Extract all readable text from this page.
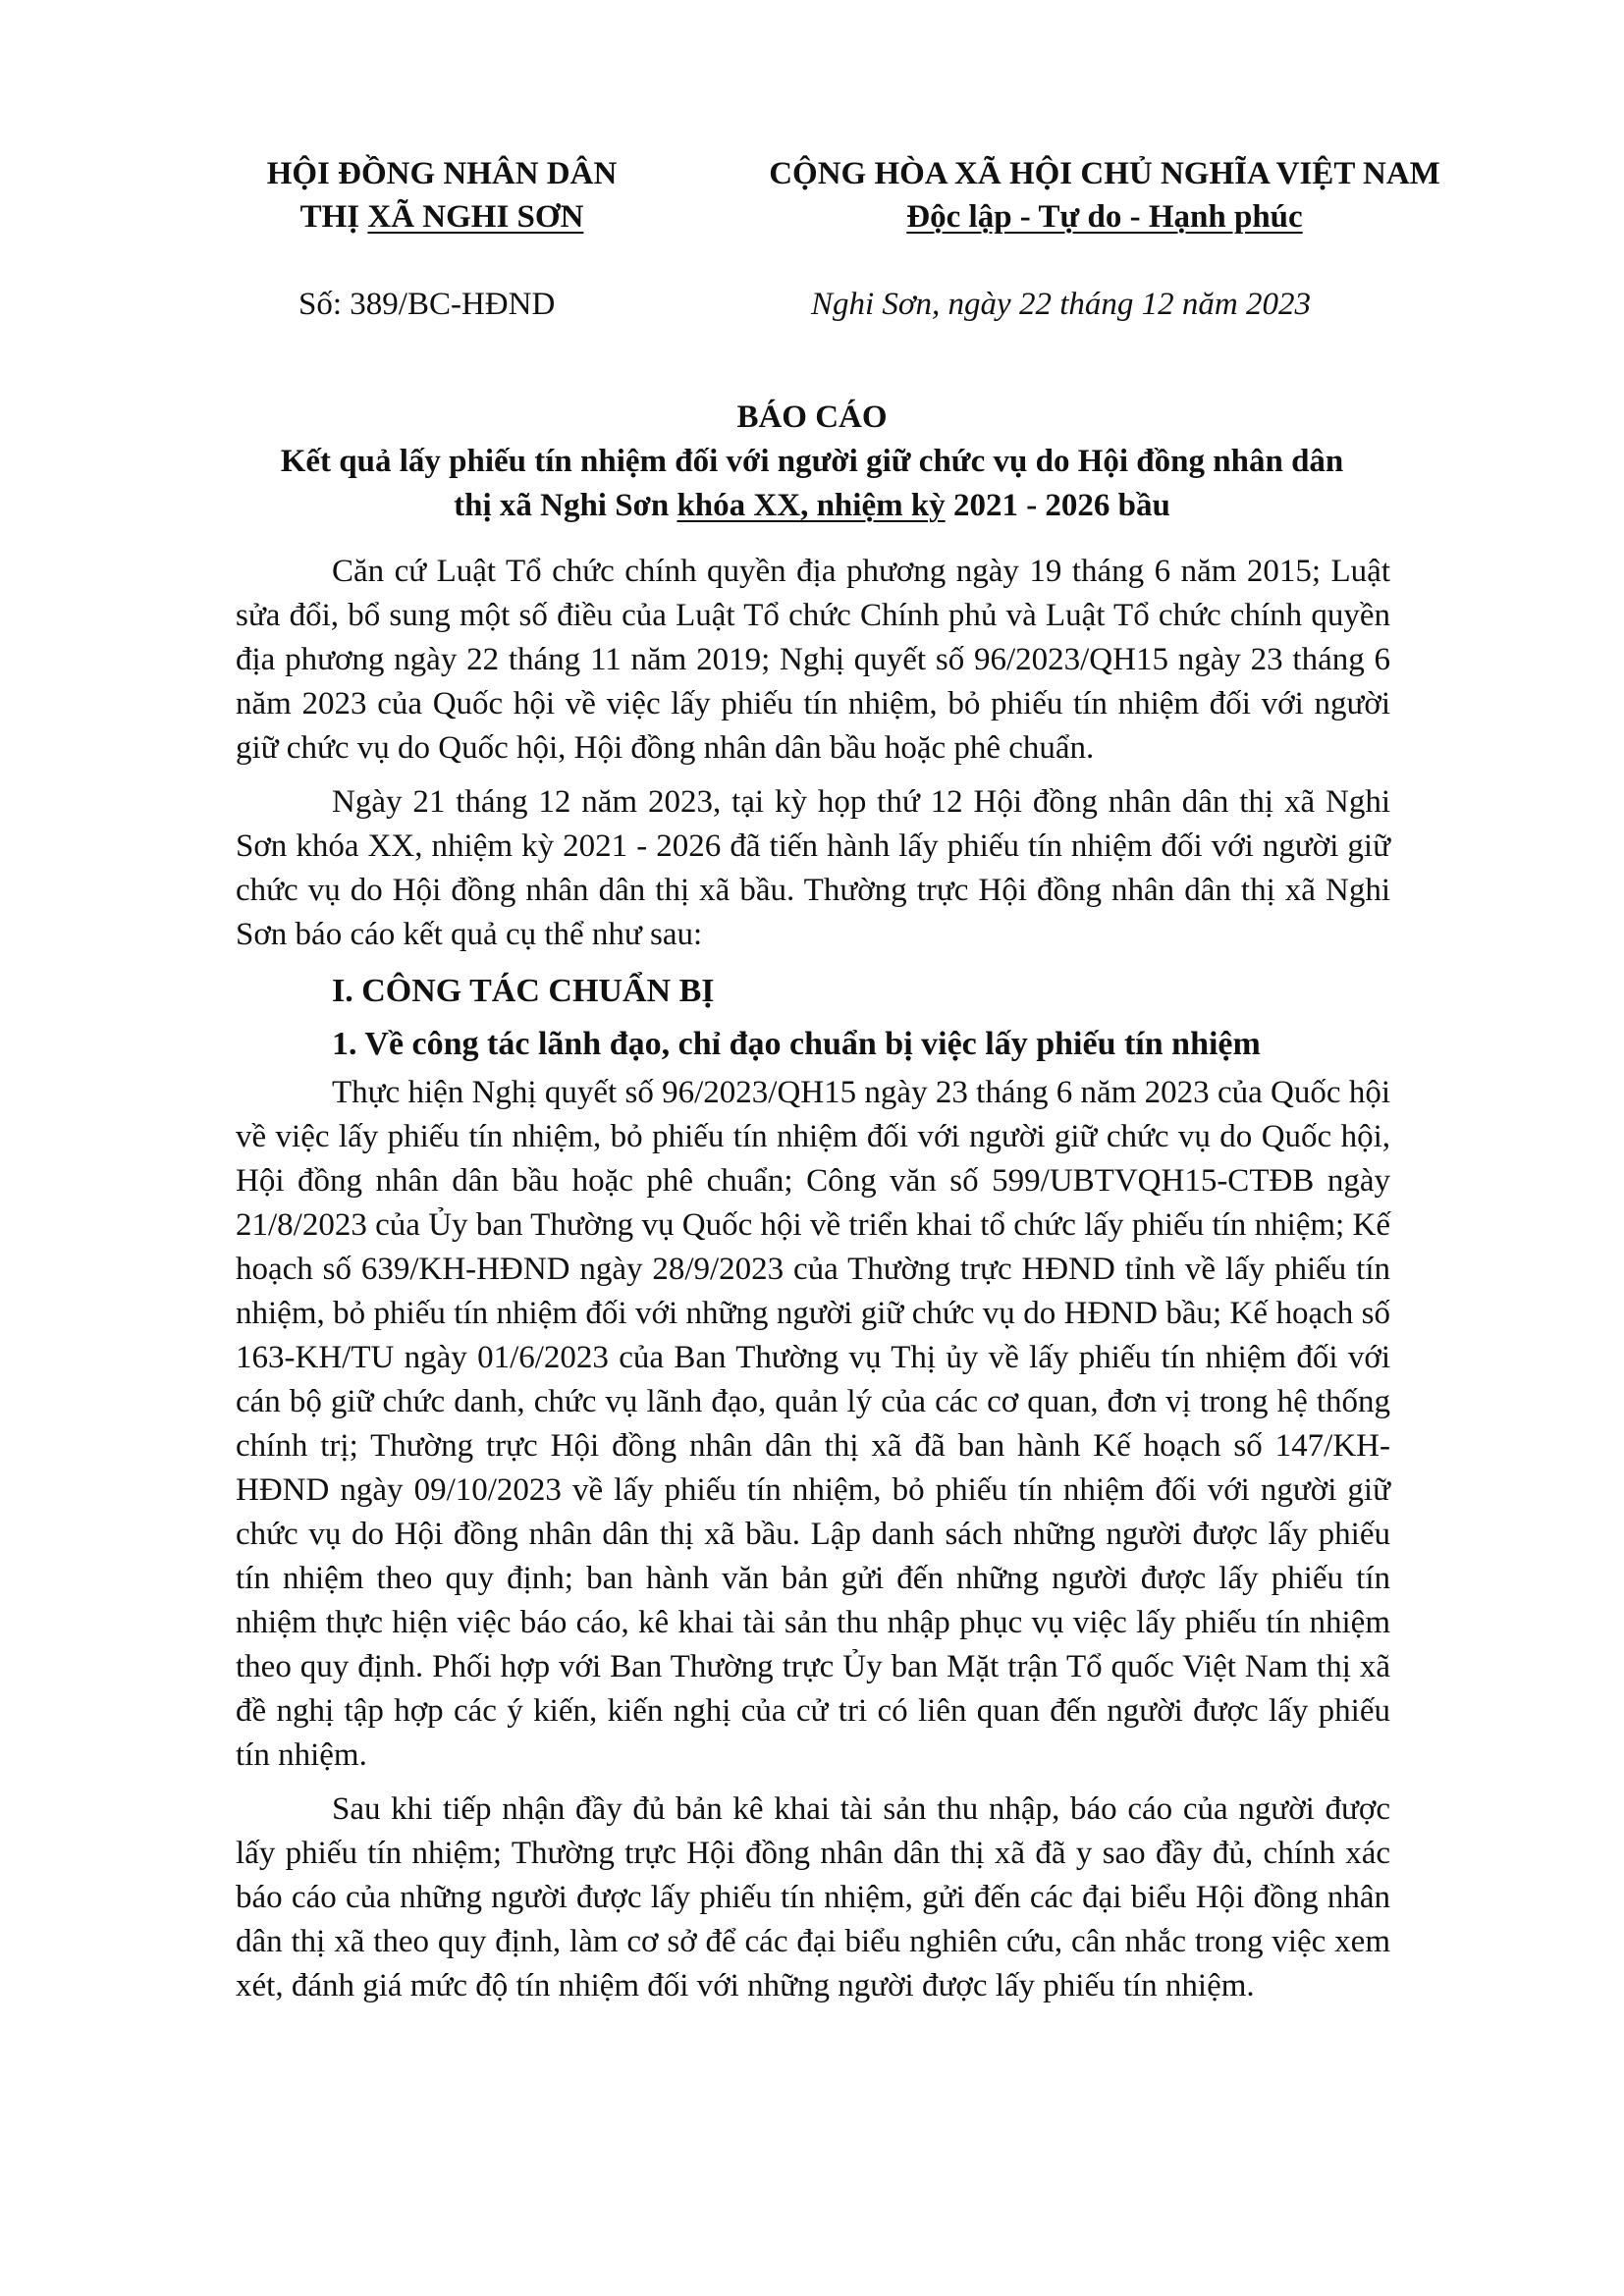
HỘI ĐỒNG NHÂN DÂN
THỊ XÃ NGHI SƠN
CỘNG HÒA XÃ HỘI CHỦ NGHĨA VIỆT NAM
Độc lập - Tự do - Hạnh phúc
Số: 389/BC-HĐND	Nghi Sơn, ngày 22 tháng 12 năm 2023
BÁO CÁO
Kết quả lấy phiếu tín nhiệm đối với người giữ chức vụ do Hội đồng nhân dân
thị xã Nghi Sơn khóa XX, nhiệm kỳ 2021 - 2026 bầu

Căn cứ Luật Tổ chức chính quyền địa phương ngày 19 tháng 6 năm 2015; Luật sửa đổi, bổ sung một số điều của Luật Tổ chức Chính phủ và Luật Tổ chức chính quyền địa phương ngày 22 tháng 11 năm 2019; Nghị quyết số 96/2023/QH15 ngày 23 tháng 6 năm 2023 của Quốc hội về việc lấy phiếu tín nhiệm, bỏ phiếu tín nhiệm đối với người giữ chức vụ do Quốc hội, Hội đồng nhân dân bầu hoặc phê chuẩn.

Ngày 21 tháng 12 năm 2023, tại kỳ họp thứ 12 Hội đồng nhân dân thị xã Nghi Sơn khóa XX, nhiệm kỳ 2021 - 2026 đã tiến hành lấy phiếu tín nhiệm đối với người giữ chức vụ do Hội đồng nhân dân thị xã bầu. Thường trực Hội đồng nhân dân thị xã Nghi Sơn báo cáo kết quả cụ thể như sau:

I. CÔNG TÁC CHUẨN BỊ
1. Về công tác lãnh đạo, chỉ đạo chuẩn bị việc lấy phiếu tín nhiệm

Thực hiện Nghị quyết số 96/2023/QH15 ngày 23 tháng 6 năm 2023 của Quốc hội về việc lấy phiếu tín nhiệm, bỏ phiếu tín nhiệm đối với người giữ chức vụ do Quốc hội, Hội đồng nhân dân bầu hoặc phê chuẩn; Công văn số 599/UBTVQH15-CTĐB ngày 21/8/2023 của Ủy ban Thường vụ Quốc hội về triển khai tổ chức lấy phiếu tín nhiệm; Kế hoạch số 639/KH-HĐND ngày 28/9/2023 của Thường trực HĐND tỉnh về lấy phiếu tín nhiệm, bỏ phiếu tín nhiệm đối với những người giữ chức vụ do HĐND bầu; Kế hoạch số 163-KH/TU ngày 01/6/2023 của Ban Thường vụ Thị ủy về lấy phiếu tín nhiệm đối với cán bộ giữ chức danh, chức vụ lãnh đạo, quản lý của các cơ quan, đơn vị trong hệ thống chính trị; Thường trực Hội đồng nhân dân thị xã đã ban hành Kế hoạch số 147/KH-HĐND ngày 09/10/2023 về lấy phiếu tín nhiệm, bỏ phiếu tín nhiệm đối với người giữ chức vụ do Hội đồng nhân dân thị xã bầu. Lập danh sách những người được lấy phiếu tín nhiệm theo quy định; ban hành văn bản gửi đến những người được lấy phiếu tín nhiệm thực hiện việc báo cáo, kê khai tài sản thu nhập phục vụ việc lấy phiếu tín nhiệm theo quy định. Phối hợp với Ban Thường trực Ủy ban Mặt trận Tổ quốc Việt Nam thị xã đề nghị tập hợp các ý kiến, kiến nghị của cử tri có liên quan đến người được lấy phiếu tín nhiệm.

Sau khi tiếp nhận đầy đủ bản kê khai tài sản thu nhập, báo cáo của người được lấy phiếu tín nhiệm; Thường trực Hội đồng nhân dân thị xã đã y sao đầy đủ, chính xác báo cáo của những người được lấy phiếu tín nhiệm, gửi đến các đại biểu Hội đồng nhân dân thị xã theo quy định, làm cơ sở để các đại biểu nghiên cứu, cân nhắc trong việc xem xét, đánh giá mức độ tín nhiệm đối với những người được lấy phiếu tín nhiệm.
